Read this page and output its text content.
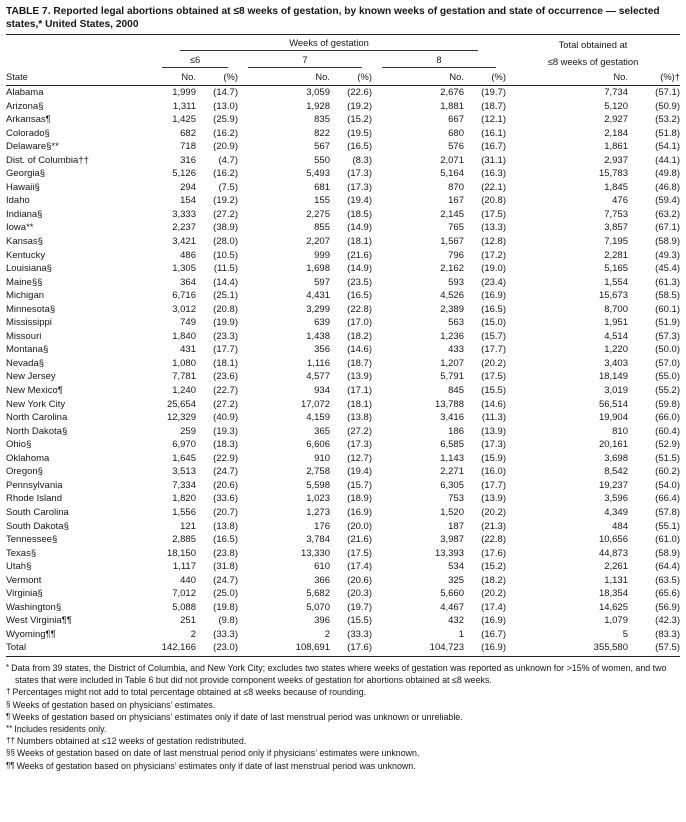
TABLE 7. Reported legal abortions obtained at ≤8 weeks of gestation, by known weeks of gestation and state of occurrence — selected states,* United States, 2000

	Weeks of gestation						Total obtained at	

	≤6		7		8		≤8 weeks of gestation	
State	No.	(%)	No.	(%)	No.	(%)	No.	(%)†
Alabama	1,999	(14.7)	3,059	(22.6)	2,676	(19.7)	7,734	(57.1)
Arizona§	1,311	(13.0)	1,928	(19.2)	1,881	(18.7)	5,120	(50.9)
Arkansas¶	1,425	(25.9)	835	(15.2)	667	(12.1)	2,927	(53.2)
Colorado§	682	(16.2)	822	(19.5)	680	(16.1)	2,184	(51.8)
Delaware§**	718	(20.9)	567	(16.5)	576	(16.7)	1,861	(54.1)
Dist. of Columbia††	316	(4.7)	550	(8.3)	2,071	(31.1)	2,937	(44.1)
Georgia§	5,126	(16.2)	5,493	(17.3)	5,164	(16.3)	15,783	(49.8)
Hawaii§	294	(7.5)	681	(17.3)	870	(22.1)	1,845	(46.8)
Idaho	154	(19.2)	155	(19.4)	167	(20.8)	476	(59.4)
Indiana§	3,333	(27.2)	2,275	(18.5)	2,145	(17.5)	7,753	(63.2)
Iowa**	2,237	(38.9)	855	(14.9)	765	(13.3)	3,857	(67.1)
Kansas§	3,421	(28.0)	2,207	(18.1)	1,567	(12.8)	7,195	(58.9)
Kentucky	486	(10.5)	999	(21.6)	796	(17.2)	2,281	(49.3)
Louisiana§	1,305	(11.5)	1,698	(14.9)	2,162	(19.0)	5,165	(45.4)
Maine§§	364	(14.4)	597	(23.5)	593	(23.4)	1,554	(61.3)
Michigan	6,716	(25.1)	4,431	(16.5)	4,526	(16.9)	15,673	(58.5)
Minnesota§	3,012	(20.8)	3,299	(22.8)	2,389	(16.5)	8,700	(60.1)
Mississippi	749	(19.9)	639	(17.0)	563	(15.0)	1,951	(51.9)
Missouri	1,840	(23.3)	1,438	(18.2)	1,236	(15.7)	4,514	(57.3)
Montana§	431	(17.7)	356	(14.6)	433	(17.7)	1,220	(50.0)
Nevada§	1,080	(18.1)	1,116	(18.7)	1,207	(20.2)	3,403	(57.0)
New Jersey	7,781	(23.6)	4,577	(13.9)	5,791	(17.5)	18,149	(55.0)
New Mexico¶	1,240	(22.7)	934	(17.1)	845	(15.5)	3,019	(55.2)
New York City	25,654	(27.2)	17,072	(18.1)	13,788	(14.6)	56,514	(59.8)
North Carolina	12,329	(40.9)	4,159	(13.8)	3,416	(11.3)	19,904	(66.0)
North Dakota§	259	(19.3)	365	(27.2)	186	(13.9)	810	(60.4)
Ohio§	6,970	(18.3)	6,606	(17.3)	6,585	(17.3)	20,161	(52.9)
Oklahoma	1,645	(22.9)	910	(12.7)	1,143	(15.9)	3,698	(51.5)
Oregon§	3,513	(24.7)	2,758	(19.4)	2,271	(16.0)	8,542	(60.2)
Pennsylvania	7,334	(20.6)	5,598	(15.7)	6,305	(17.7)	19,237	(54.0)
Rhode Island	1,820	(33.6)	1,023	(18.9)	753	(13.9)	3,596	(66.4)
South Carolina	1,556	(20.7)	1,273	(16.9)	1,520	(20.2)	4,349	(57.8)
South Dakota§	121	(13.8)	176	(20.0)	187	(21.3)	484	(55.1)
Tennessee§	2,885	(16.5)	3,784	(21.6)	3,987	(22.8)	10,656	(61.0)
Texas§	18,150	(23.8)	13,330	(17.5)	13,393	(17.6)	44,873	(58.9)
Utah§	1,117	(31.8)	610	(17.4)	534	(15.2)	2,261	(64.4)
Vermont	440	(24.7)	366	(20.6)	325	(18.2)	1,131	(63.5)
Virginia§	7,012	(25.0)	5,682	(20.3)	5,660	(20.2)	18,354	(65.6)
Washington§	5,088	(19.8)	5,070	(19.7)	4,467	(17.4)	14,625	(56.9)
West Virginia¶¶	251	(9.8)	396	(15.5)	432	(16.9)	1,079	(42.3)
Wyoming¶¶	2	(33.3)	2	(33.3)	1	(16.7)	5	(83.3)
Total	142,166	(23.0)	108,691	(17.6)	104,723	(16.9)	355,580	(57.5)
* Data from 39 states, the District of Columbia, and New York City; excludes two states where weeks of gestation was reported as unknown for >15% of women, and two states that were included in Table 6 but did not provide component weeks of gestation for abortions obtained at ≤8 weeks.
† Percentages might not add to total percentage obtained at ≤8 weeks because of rounding.
§ Weeks of gestation based on physicians’ estimates.
¶ Weeks of gestation based on physicians’ estimates only if date of last menstrual period was unknown or unreliable.
** Includes residents only.
†† Numbers obtained at ≤12 weeks of gestation redistributed.
§§ Weeks of gestation based on date of last menstrual period only if physicians’ estimates were unknown.
¶¶ Weeks of gestation based on physicians’ estimates only if date of last menstrual period was unknown.
